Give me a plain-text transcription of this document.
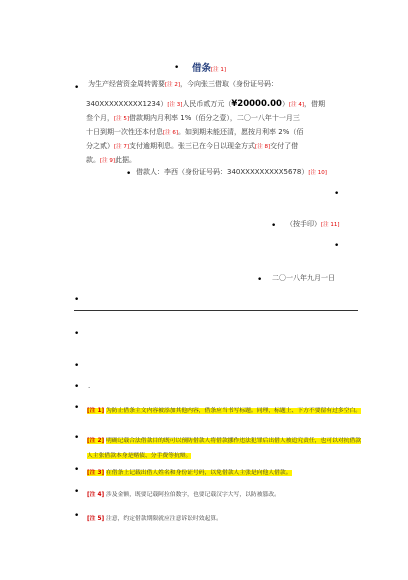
• 借条[注 1]
• 为生产经营资金周转需要[注 2]，今向张三借取（身份证号码：
340XXXXXXXXX1234）[注 3]人民币贰万元（¥20000.00）[注 4]，借期
叁个月，[注 5]借款期内月利率 1%（佰分之壹），二〇一八年十一月三
十日到期一次性还本付息[注 6]。如到期未能还清，愿按月利率 2%（佰
分之贰）[注 7]支付逾期利息。张三已在今日以现金方式[注 8]交付了借
款。[注 9]此据。
• 借款人：李西（身份证号码：340XXXXXXXXX5678）[注 10]
•
• （按手印）[注 11]
•
• 二〇一八年九月一日
•
•
•
• .
•	[注 1] 为防止借条主文内容被添加其他内容，借条应当书写标题。同理，标题上、下方不要留有过多空白。
•	[注 2] 明确记载合法借款目的既可以预防借款人将借款挪作违法犯罪后出借人被追究责任，也可以对抗借款人主张借款本身是赌债、分手费等抗辩。
•	[注 3] 在借条上记载出借人姓名和身份证号码，以免借款人主张是向他人借款。
•	[注 4] 涉及金额，既要记载阿拉伯数字，也要记载汉字大写，以防被篡改。
•	[注 5] 注意，约定借款期限就应注意诉讼时效起算。
